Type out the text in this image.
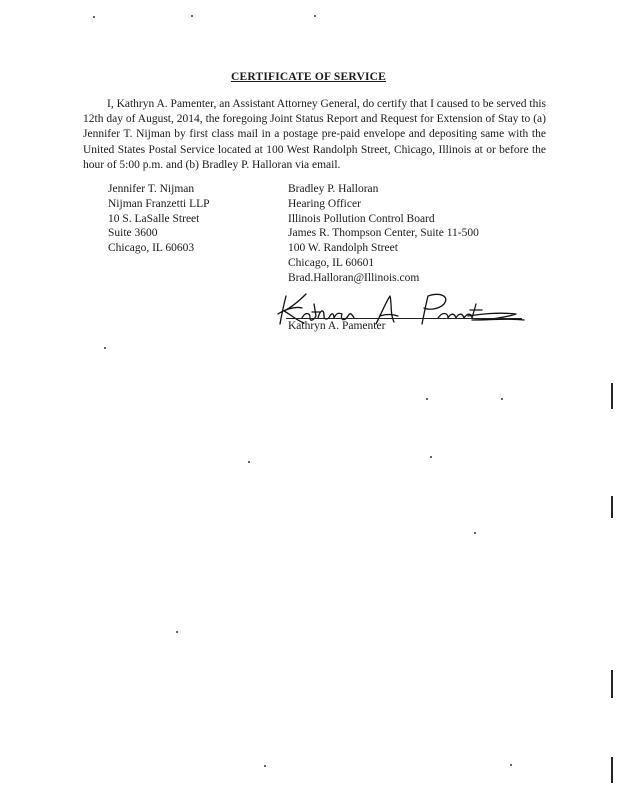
CERTIFICATE OF SERVICE
I, Kathryn A. Pamenter, an Assistant Attorney General, do certify that I caused to be served this 12th day of August, 2014, the foregoing Joint Status Report and Request for Extension of Stay to (a) Jennifer T. Nijman by first class mail in a postage pre-paid envelope and depositing same with the United States Postal Service located at 100 West Randolph Street, Chicago, Illinois at or before the hour of 5:00 p.m. and (b) Bradley P. Halloran via email.
Jennifer T. Nijman
Nijman Franzetti LLP
10 S. LaSalle Street
Suite 3600
Chicago, IL 60603
Bradley P. Halloran
Hearing Officer
Illinois Pollution Control Board
James R. Thompson Center, Suite 11-500
100 W. Randolph Street
Chicago, IL 60601
Brad.Halloran@Illinois.com
Kathryn A. Pamenter
Kathryn A. Pamenter
